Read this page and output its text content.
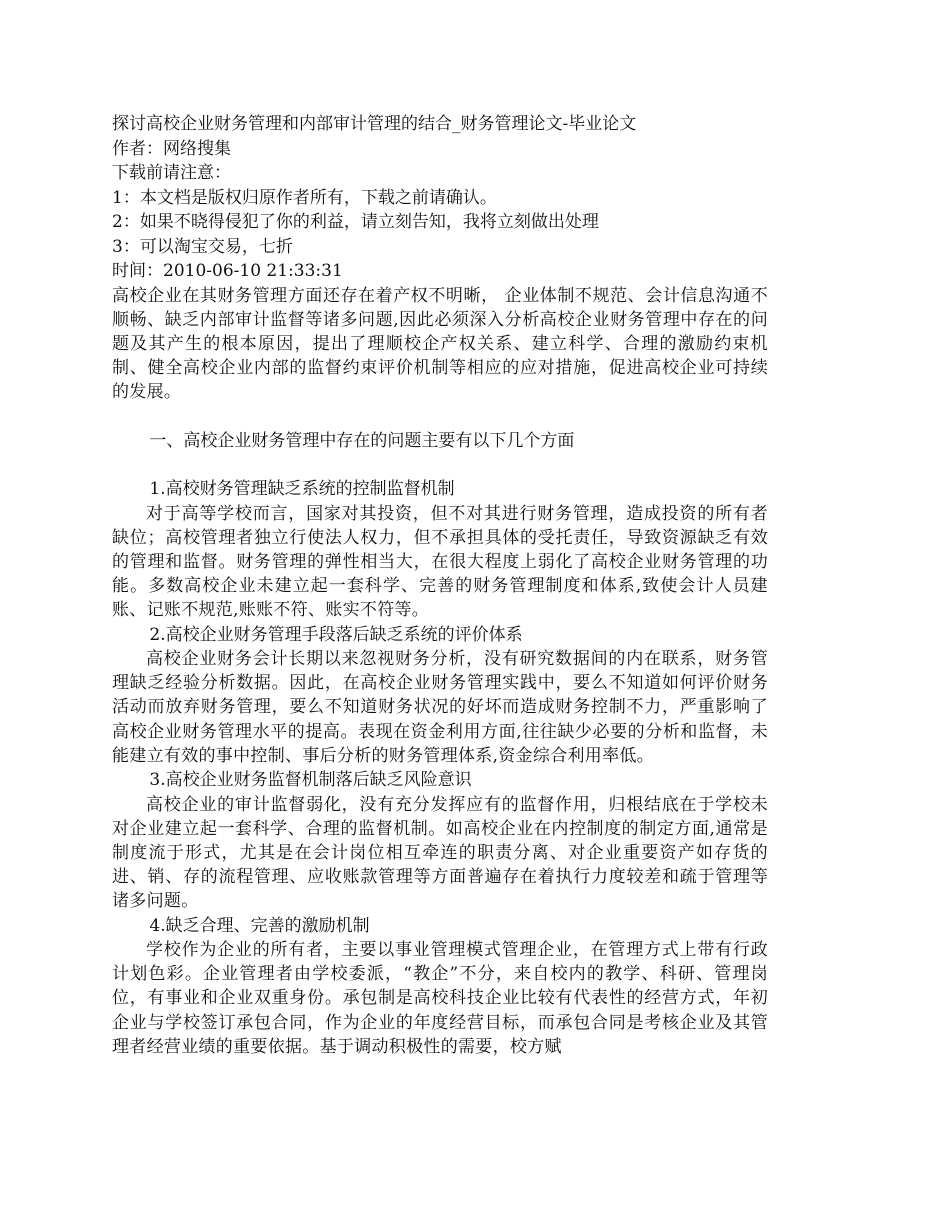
探讨高校企业财务管理和内部审计管理的结合_财务管理论文-毕业论文
作者：网络搜集
下载前请注意：
1：本文档是版权归原作者所有，下载之前请确认。
2：如果不晓得侵犯了你的利益，请立刻告知，我将立刻做出处理
3：可以淘宝交易，七折
时间：2010-06-10 21:33:31
高校企业在其财务管理方面还存在着产权不明晰， 企业体制不规范、会计信息沟通不顺畅、缺乏内部审计监督等诸多问题,因此必须深入分析高校企业财务管理中存在的问题及其产生的根本原因，提出了理顺校企产权关系、建立科学、合理的激励约束机制、健全高校企业内部的监督约束评价机制等相应的应对措施，促进高校企业可持续的发展。
一、高校企业财务管理中存在的问题主要有以下几个方面
1.高校财务管理缺乏系统的控制监督机制
对于高等学校而言，国家对其投资，但不对其进行财务管理，造成投资的所有者缺位；高校管理者独立行使法人权力，但不承担具体的受托责任，导致资源缺乏有效的管理和监督。财务管理的弹性相当大，在很大程度上弱化了高校企业财务管理的功能。多数高校企业未建立起一套科学、完善的财务管理制度和体系,致使会计人员建账、记账不规范,账账不符、账实不符等。
2.高校企业财务管理手段落后缺乏系统的评价体系
高校企业财务会计长期以来忽视财务分析，没有研究数据间的内在联系，财务管理缺乏经验分析数据。因此，在高校企业财务管理实践中，要么不知道如何评价财务活动而放弃财务管理，要么不知道财务状况的好坏而造成财务控制不力，严重影响了高校企业财务管理水平的提高。表现在资金利用方面,往往缺少必要的分析和监督，未能建立有效的事中控制、事后分析的财务管理体系,资金综合利用率低。
3.高校企业财务监督机制落后缺乏风险意识
高校企业的审计监督弱化，没有充分发挥应有的监督作用，归根结底在于学校未对企业建立起一套科学、合理的监督机制。如高校企业在内控制度的制定方面,通常是制度流于形式，尤其是在会计岗位相互牵连的职责分离、对企业重要资产如存货的进、销、存的流程管理、应收账款管理等方面普遍存在着执行力度较差和疏于管理等诸多问题。
4.缺乏合理、完善的激励机制
学校作为企业的所有者，主要以事业管理模式管理企业，在管理方式上带有行政计划色彩。企业管理者由学校委派，“教企”不分，来自校内的教学、科研、管理岗位，有事业和企业双重身份。承包制是高校科技企业比较有代表性的经营方式，年初企业与学校签订承包合同，作为企业的年度经营目标，而承包合同是考核企业及其管理者经营业绩的重要依据。基于调动积极性的需要，校方赋
